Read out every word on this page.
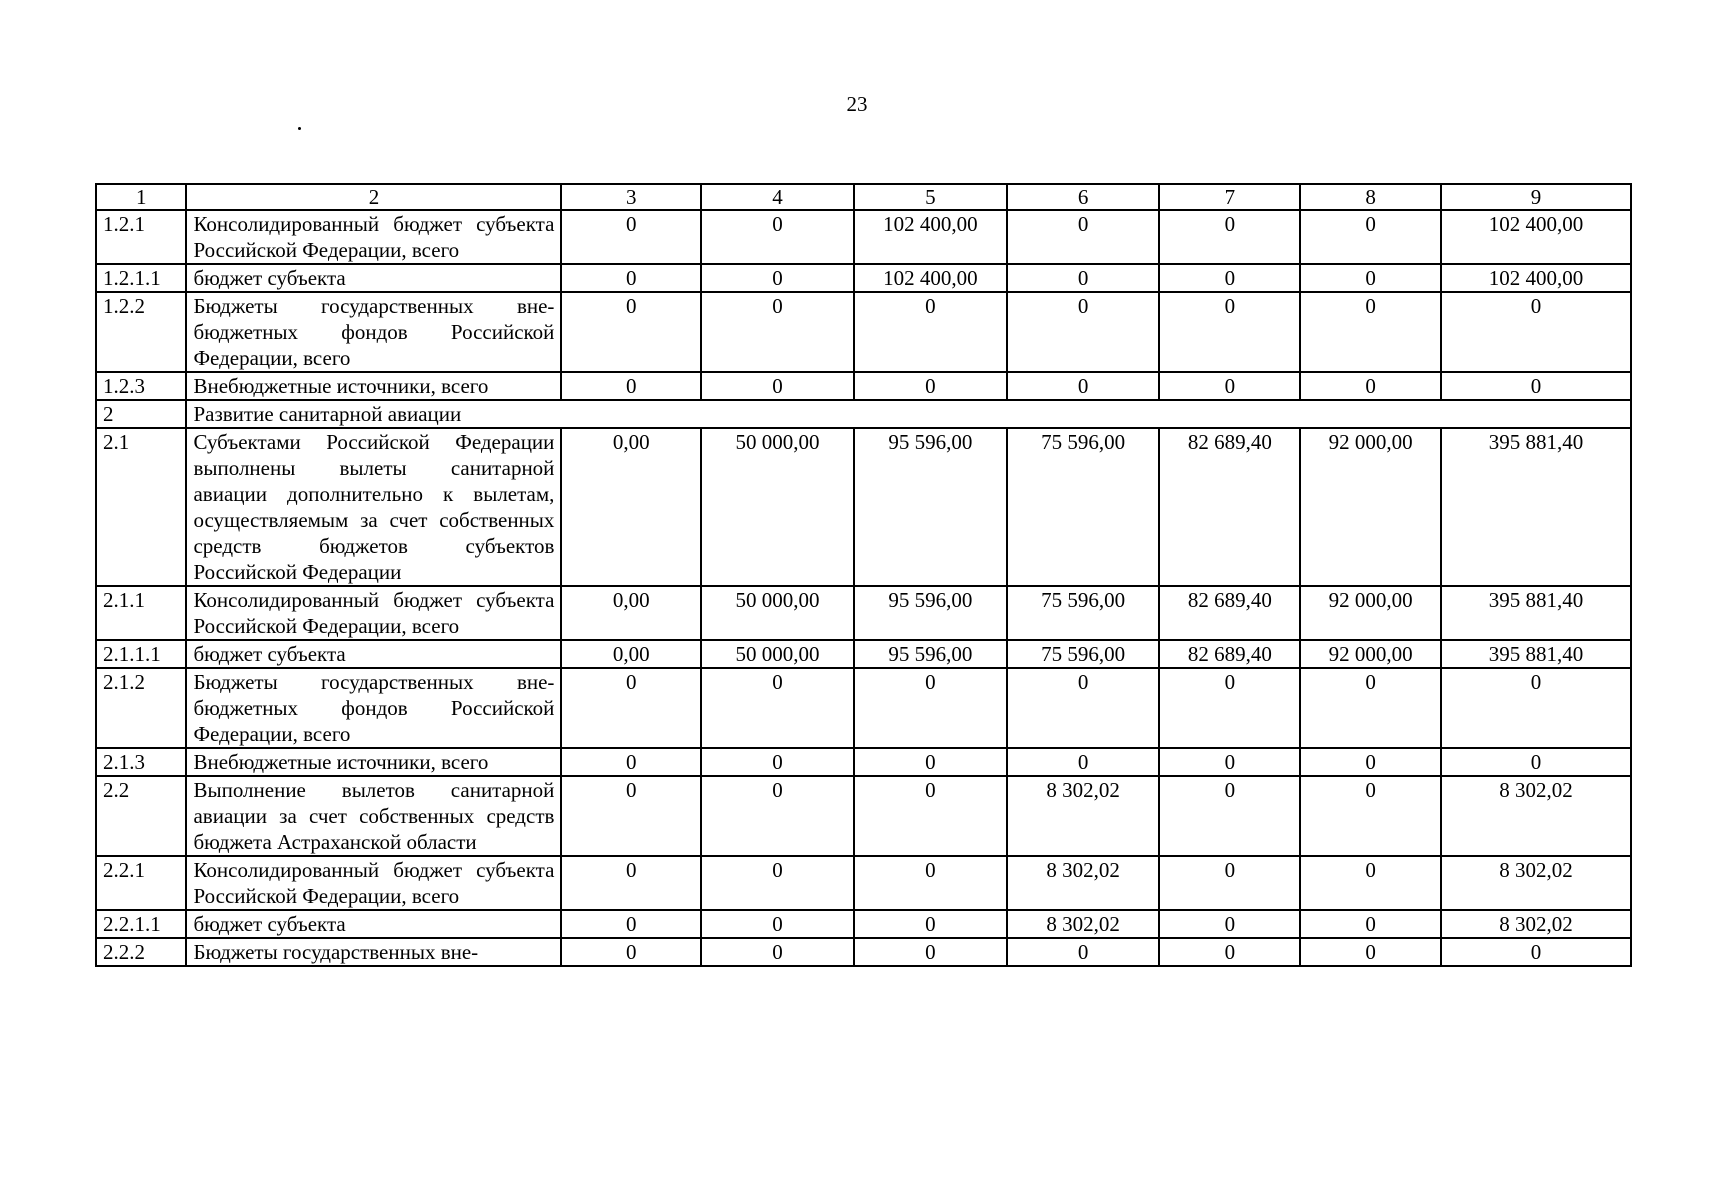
23
1	2	3	4	5	6	7	8	9
1.2.1	Консолидированный бюджет субъекта Российской Федерации, всего	0	0	102 400,00	0	0	0	102 400,00
1.2.1.1	бюджет субъекта	0	0	102 400,00	0	0	0	102 400,00
1.2.2	Бюджеты государственных вне-бюджетных фондов Российской Федерации, всего	0	0	0	0	0	0	0
1.2.3	Внебюджетные источники, всего	0	0	0	0	0	0	0
2	Развитие санитарной авиации							
2.1	Субъектами Российской Федерации выполнены вылеты санитарной авиации дополнительно к вылетам, осуществляемым за счет собственных средств бюджетов субъектов Российской Федерации	0,00	50 000,00	95 596,00	75 596,00	82 689,40	92 000,00	395 881,40
2.1.1	Консолидированный бюджет субъекта Российской Федерации, всего	0,00	50 000,00	95 596,00	75 596,00	82 689,40	92 000,00	395 881,40
2.1.1.1	бюджет субъекта	0,00	50 000,00	95 596,00	75 596,00	82 689,40	92 000,00	395 881,40
2.1.2	Бюджеты государственных вне-бюджетных фондов Российской Федерации, всего	0	0	0	0	0	0	0
2.1.3	Внебюджетные источники, всего	0	0	0	0	0	0	0
2.2	Выполнение вылетов санитарной авиации за счет собственных средств бюджета Астраханской области	0	0	0	8 302,02	0	0	8 302,02
2.2.1	Консолидированный бюджет субъекта Российской Федерации, всего	0	0	0	8 302,02	0	0	8 302,02
2.2.1.1	бюджет субъекта	0	0	0	8 302,02	0	0	8 302,02
2.2.2	Бюджеты государственных вне-	0	0	0	0	0	0	0
